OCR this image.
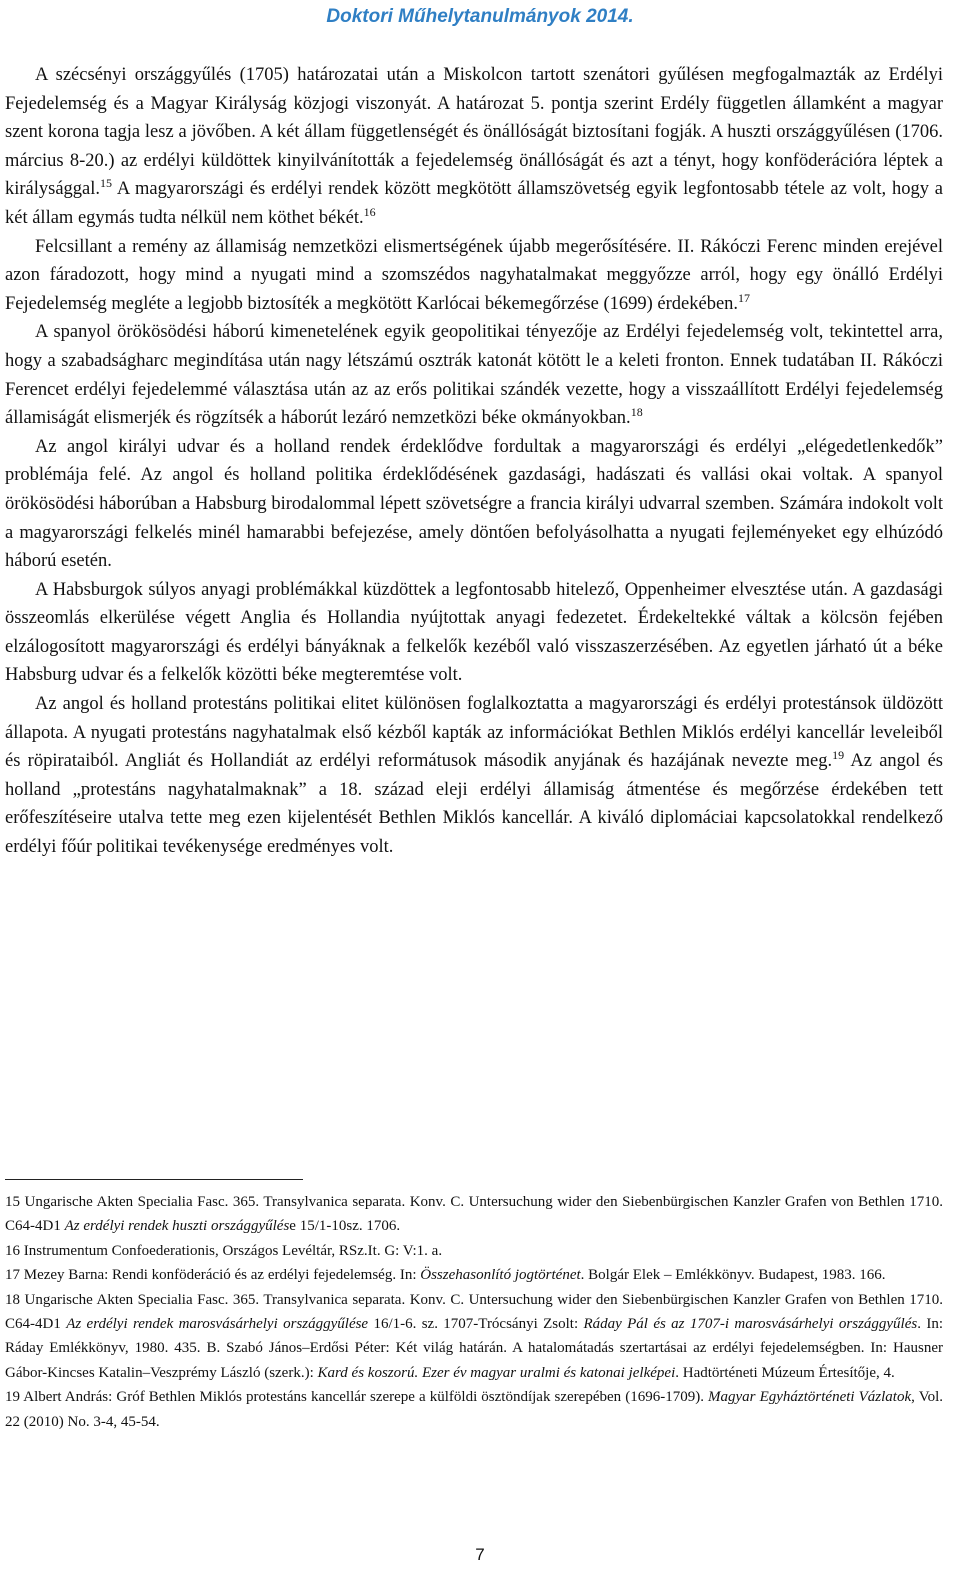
Doktori Műhelytanulmányok 2014.

A szécsényi országgyűlés (1705) határozatai után a Miskolcon tartott szenátori gyűlésen megfogalmazták az Erdélyi Fejedelemség és a Magyar Királyság közjogi viszonyát. A határozat 5. pontja szerint Erdély független államként a magyar szent korona tagja lesz a jövőben. A két állam függetlenségét és önállóságát biztosítani fogják. A huszti országgyűlésen (1706. március 8-20.) az erdélyi küldöttek kinyilvánították a fejedelemség önállóságát és azt a tényt, hogy konföderációra léptek a királysággal.$^{15}$ A magyarországi és erdélyi rendek között megkötött államszövetség egyik legfontosabb tétele az volt, hogy a két állam egymás tudta nélkül nem köthet békét.$^{16}$

Felcsillant a remény az államiság nemzetközi elismertségének újabb megerősítésére. II. Rákóczi Ferenc minden erejével azon fáradozott, hogy mind a nyugati mind a szomszédos nagyhatalmakat meggyőzze arról, hogy egy önálló Erdélyi Fejedelemség megléte a legjobb biztosíték a megkötött Karlócai békemegőrzése (1699) érdekében.$^{17}$

A spanyol örökösödési háború kimenetelének egyik geopolitikai tényezője az Erdélyi fejedelemség volt, tekintettel arra, hogy a szabadságharc megindítása után nagy létszámú osztrák katonát kötött le a keleti fronton. Ennek tudatában II. Rákóczi Ferencet erdélyi fejedelemmé választása után az az erős politikai szándék vezette, hogy a visszaállított Erdélyi fejedelemség államiságát elismerjék és rögzítsék a háborút lezáró nemzetközi béke okmányokban.$^{18}$

Az angol királyi udvar és a holland rendek érdeklődve fordultak a magyarországi és erdélyi „elégedetlenkedők” problémája felé. Az angol és holland politika érdeklődésének gazdasági, hadászati és vallási okai voltak. A spanyol örökösödési háborúban a Habsburg birodalommal lépett szövetségre a francia királyi udvarral szemben. Számára indokolt volt a magyarországi felkelés minél hamarabbi befejezése, amely döntően befolyásolhatta a nyugati fejleményeket egy elhúzódó háború esetén.

A Habsburgok súlyos anyagi problémákkal küzdöttek a legfontosabb hitelező, Oppenheimer elvesztése után. A gazdasági összeomlás elkerülése végett Anglia és Hollandia nyújtottak anyagi fedezetet. Érdekeltekké váltak a kölcsön fejében elzálogosított magyarországi és erdélyi bányáknak a felkelők kezéből való visszaszerzésében. Az egyetlen járható út a béke Habsburg udvar és a felkelők közötti béke megteremtése volt.

Az angol és holland protestáns politikai elitet különösen foglalkoztatta a magyarországi és erdélyi protestánsok üldözött állapota. A nyugati protestáns nagyhatalmak első kézből kapták az információkat Bethlen Miklós erdélyi kancellár leveleiből és röpirataiból. Angliát és Hollandiát az erdélyi reformátusok második anyjának és hazájának nevezte meg.$^{19}$ Az angol és holland „protestáns nagyhatalmaknak” a 18. század eleji erdélyi államiság átmentése és megőrzése érdekében tett erőfeszítéseire utalva tette meg ezen kijelentését Bethlen Miklós kancellár. A kiváló diplomáciai kapcsolatokkal rendelkező erdélyi főúr politikai tevékenysége eredményes volt.

15 Ungarische Akten Specialia Fasc. 365. Transylvanica separata. Konv. C. Untersuchung wider den Siebenbürgischen Kanzler Grafen von Bethlen 1710. C64-4D1 Az erdélyi rendek huszti országgyűlése 15/1-10sz. 1706.

16 Instrumentum Confoederationis, Országos Levéltár, RSz.It. G: V:1. a.

17 Mezey Barna: Rendi konföderáció és az erdélyi fejedelemség. In: Összehasonlító jogtörténet. Bolgár Elek – Emlékkönyv. Budapest, 1983. 166.

18 Ungarische Akten Specialia Fasc. 365. Transylvanica separata. Konv. C. Untersuchung wider den Siebenbürgischen Kanzler Grafen von Bethlen 1710. C64-4D1 Az erdélyi rendek marosvásárhelyi országgyűlése 16/1-6. sz. 1707-Trócsányi Zsolt: Ráday Pál és az 1707-i marosvásárhelyi országgyűlés. In: Ráday Emlékkönyv, 1980. 435. B. Szabó János–Erdősi Péter: Két világ határán. A hatalomátadás szertartásai az erdélyi fejedelemségben. In: Hausner Gábor-Kincses Katalin–Veszprémy László (szerk.): Kard és koszorú. Ezer év magyar uralmi és katonai jelképei. Hadtörténeti Múzeum Értesítője, 4.

19 Albert András: Gróf Bethlen Miklós protestáns kancellár szerepe a külföldi ösztöndíjak szerepében (1696-1709). Magyar Egyháztörténeti Vázlatok, Vol. 22 (2010) No. 3-4, 45-54.

7
